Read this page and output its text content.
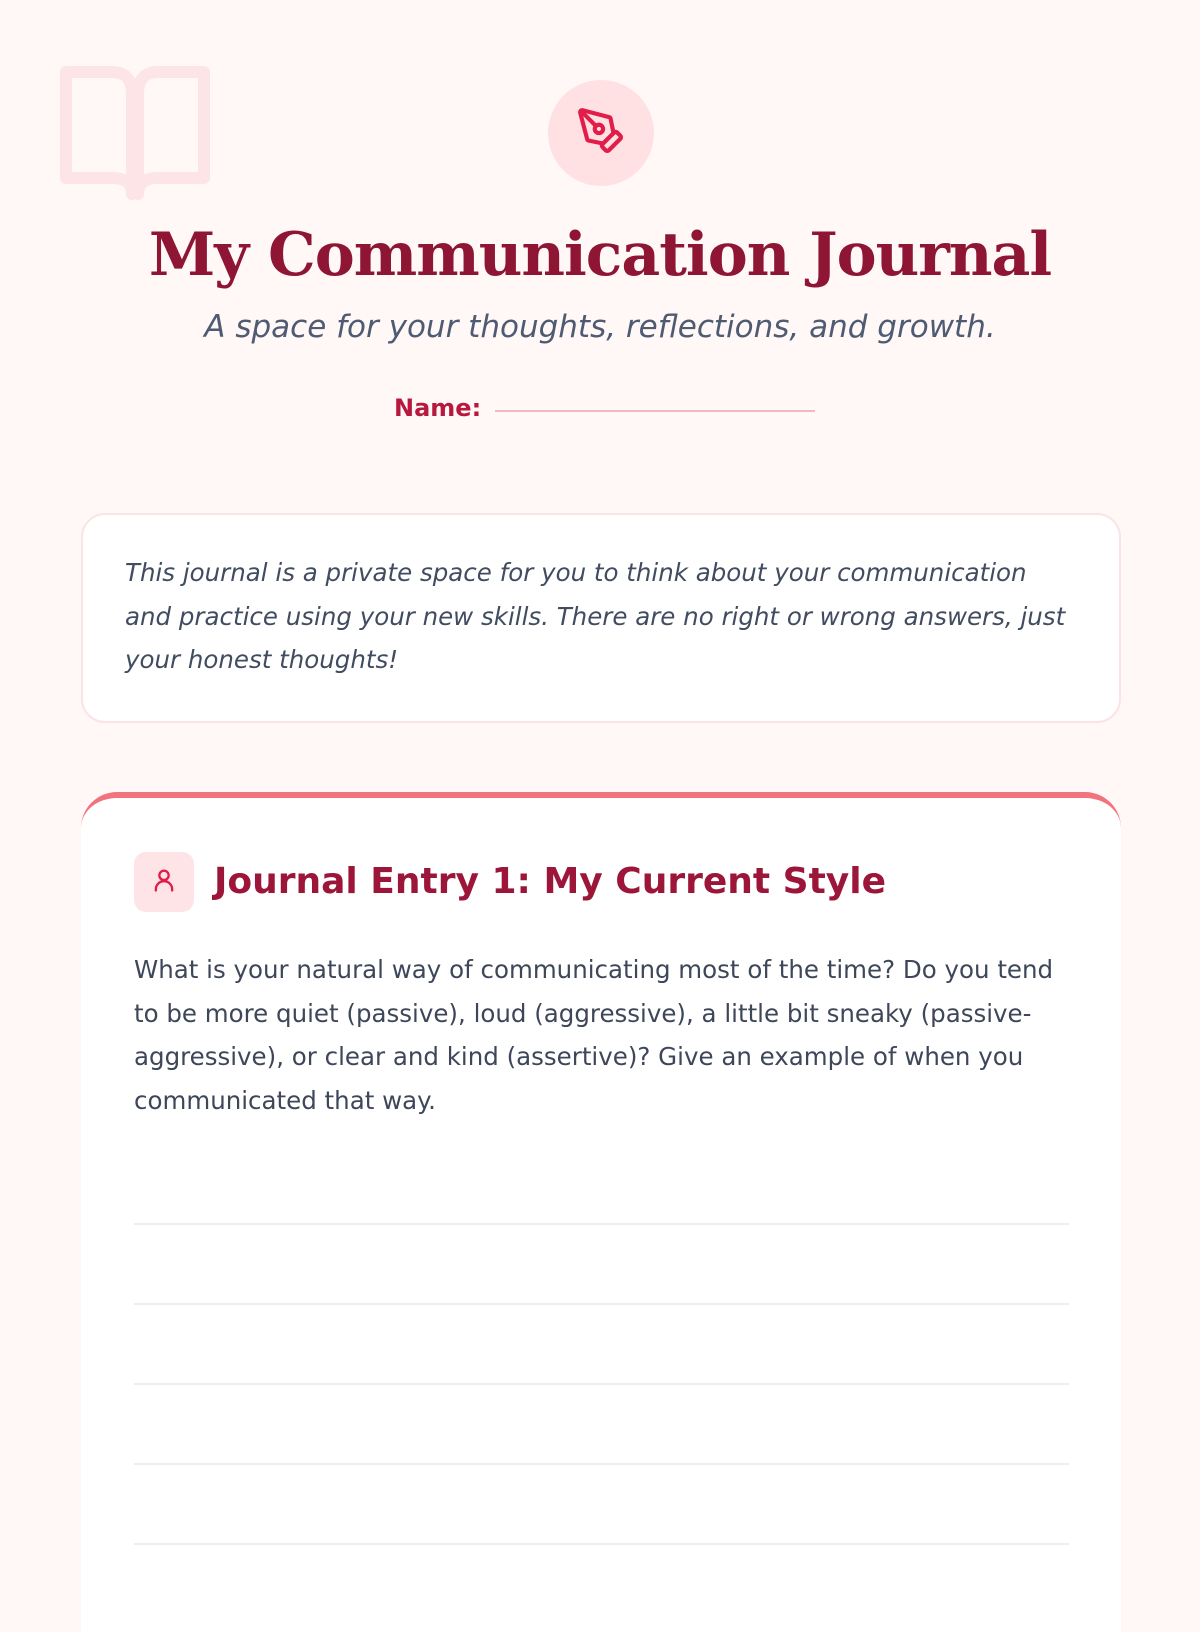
My Communication Journal

A space for your thoughts, reflections, and growth.

Name:

This journal is a private space for you to think about your communication and practice using your new skills. There are no right or wrong answers, just your honest thoughts!

Journal Entry 1: My Current Style

What is your natural way of communicating most of the time? Do you tend to be more quiet (passive), loud (aggressive), a little bit sneaky (passive-aggressive), or clear and kind (assertive)? Give an example of when you communicated that way.
